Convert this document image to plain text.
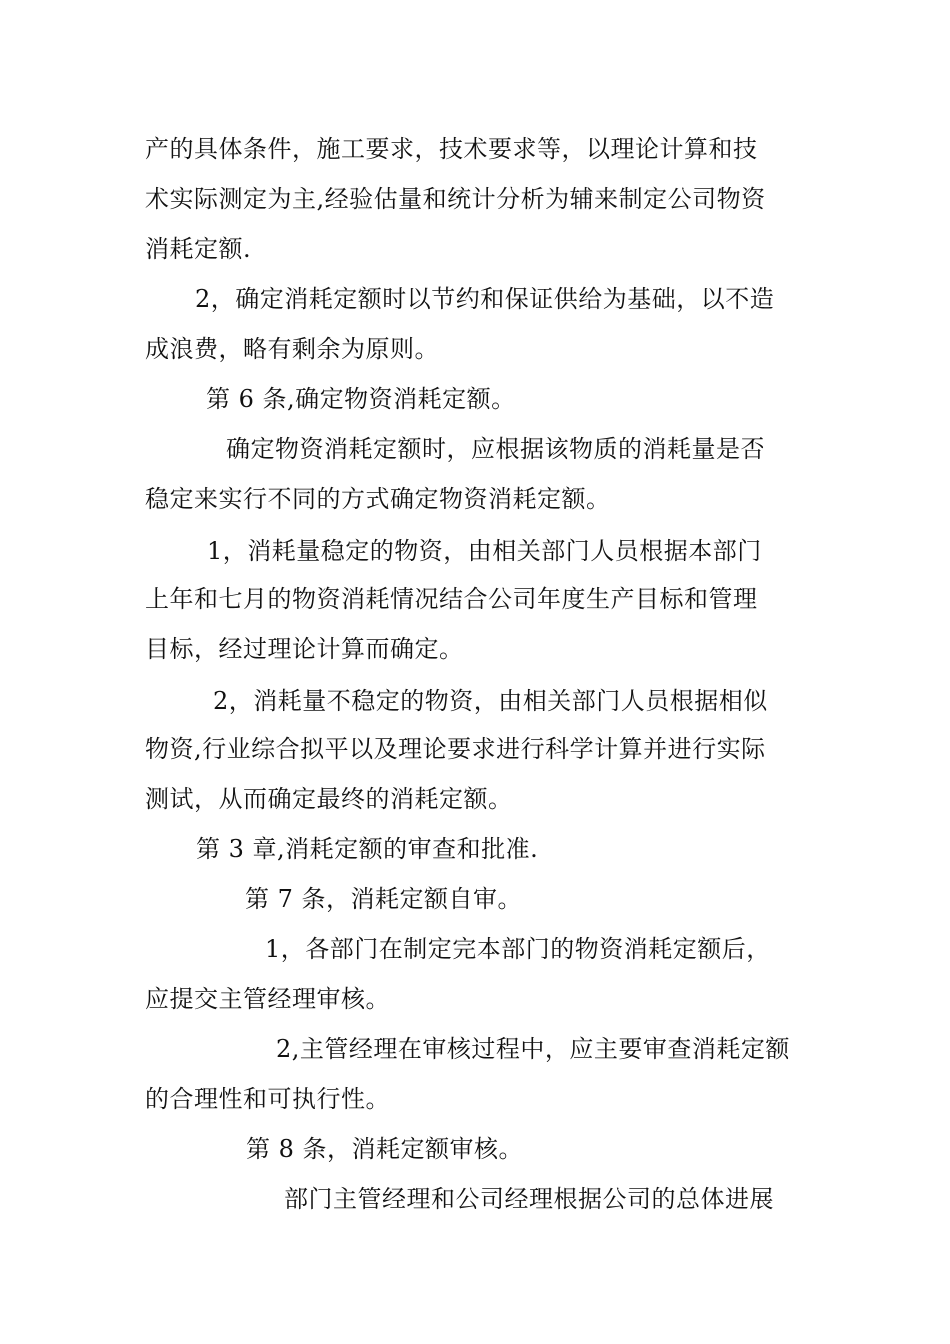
产的具体条件，施工要求，技术要求等，以理论计算和技
术实际测定为主,经验估量和统计分析为辅来制定公司物资
消耗定额.
2，确定消耗定额时以节约和保证供给为基础，以不造
成浪费，略有剩余为原则。
第 6 条,确定物资消耗定额。
确定物资消耗定额时，应根据该物质的消耗量是否
稳定来实行不同的方式确定物资消耗定额。
1，消耗量稳定的物资，由相关部门人员根据本部门
上年和七月的物资消耗情况结合公司年度生产目标和管理
目标，经过理论计算而确定。
2，消耗量不稳定的物资，由相关部门人员根据相似
物资,行业综合拟平以及理论要求进行科学计算并进行实际
测试，从而确定最终的消耗定额。
第 3 章,消耗定额的审查和批准.
第 7 条，消耗定额自审。
1，各部门在制定完本部门的物资消耗定额后，
应提交主管经理审核。
2,主管经理在审核过程中，应主要审查消耗定额
的合理性和可执行性。
第 8 条，消耗定额审核。
部门主管经理和公司经理根据公司的总体进展
